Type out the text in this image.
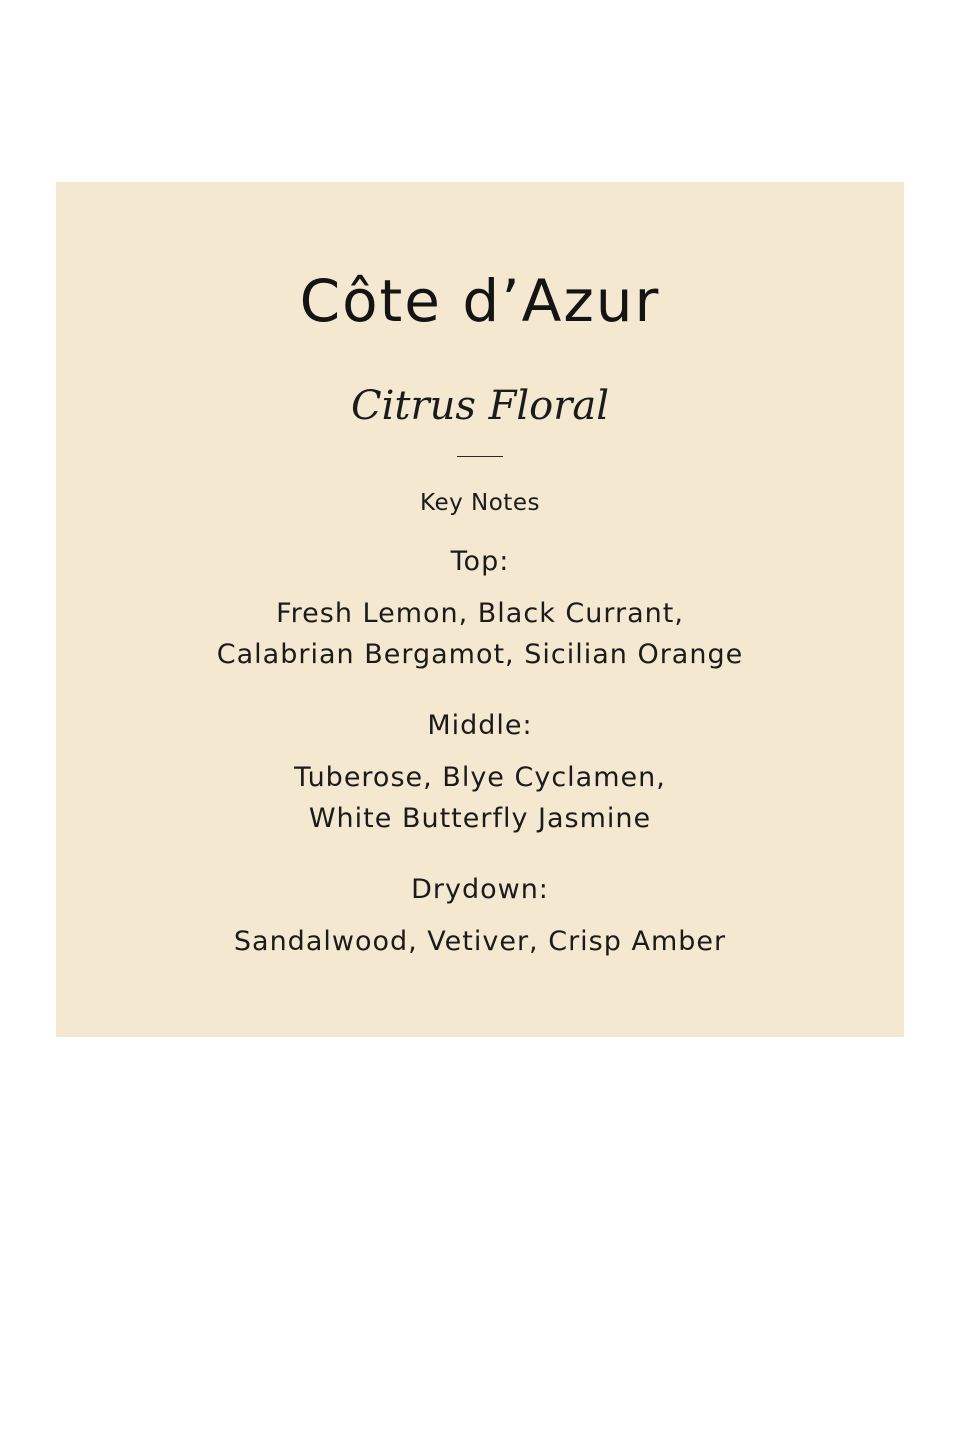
Côte d’Azur

Citrus Floral

Key Notes

Top:

Fresh Lemon, Black Currant,

Calabrian Bergamot, Sicilian Orange

Middle:

Tuberose, Blye Cyclamen,

White Butterfly Jasmine

Drydown:

Sandalwood, Vetiver, Crisp Amber
